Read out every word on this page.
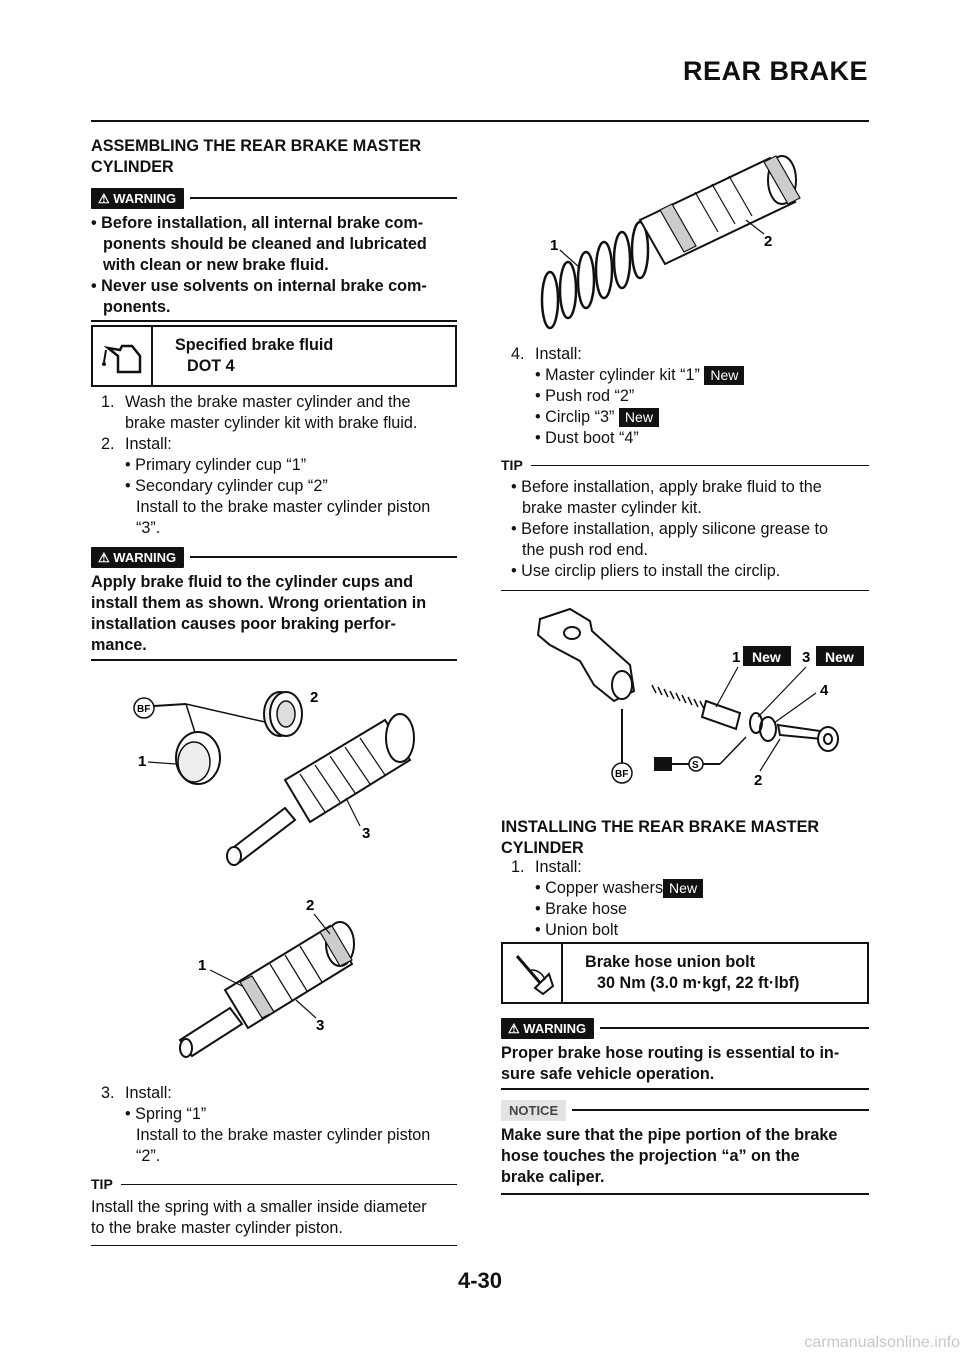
REAR BRAKE
ASSEMBLING THE REAR BRAKE MASTER
CYLINDER
⚠ WARNING
• Before installation, all internal brake com-
ponents should be cleaned and lubricated
with clean or new brake fluid.
• Never use solvents on internal brake com-
ponents.
Specified brake fluid
DOT 4
1. Wash the brake master cylinder and the
brake master cylinder kit with brake fluid.
2. Install:
• Primary cylinder cup “1”
• Secondary cylinder cup “2”
Install to the brake master cylinder piston
“3”.
⚠ WARNING
Apply brake fluid to the cylinder cups and
install them as shown. Wrong orientation in
installation causes poor braking perfor-
mance.
BF
2
1
3
2
1
3
3. Install:
• Spring “1”
Install to the brake master cylinder piston
“2”.
TIP
Install the spring with a smaller inside diameter
to the brake master cylinder piston.
1	2
4. Install:
• Master cylinder kit “1” New
• Push rod “2”
• Circlip “3” New
• Dust boot “4”
TIP
• Before installation, apply brake fluid to the
brake master cylinder kit.
• Before installation, apply silicone grease to
the push rod end.
• Use circlip pliers to install the circlip.
1 New 3 New
4
2
BF
S
INSTALLING THE REAR BRAKE MASTER
CYLINDER
1. Install:
• Copper washers New
• Brake hose
• Union bolt
Brake hose union bolt
30 Nm (3.0 m·kgf, 22 ft·lbf)
⚠ WARNING
Proper brake hose routing is essential to in-
sure safe vehicle operation.
NOTICE
Make sure that the pipe portion of the brake
hose touches the projection “a” on the
brake caliper.
4-30
carmanualsonline.info
